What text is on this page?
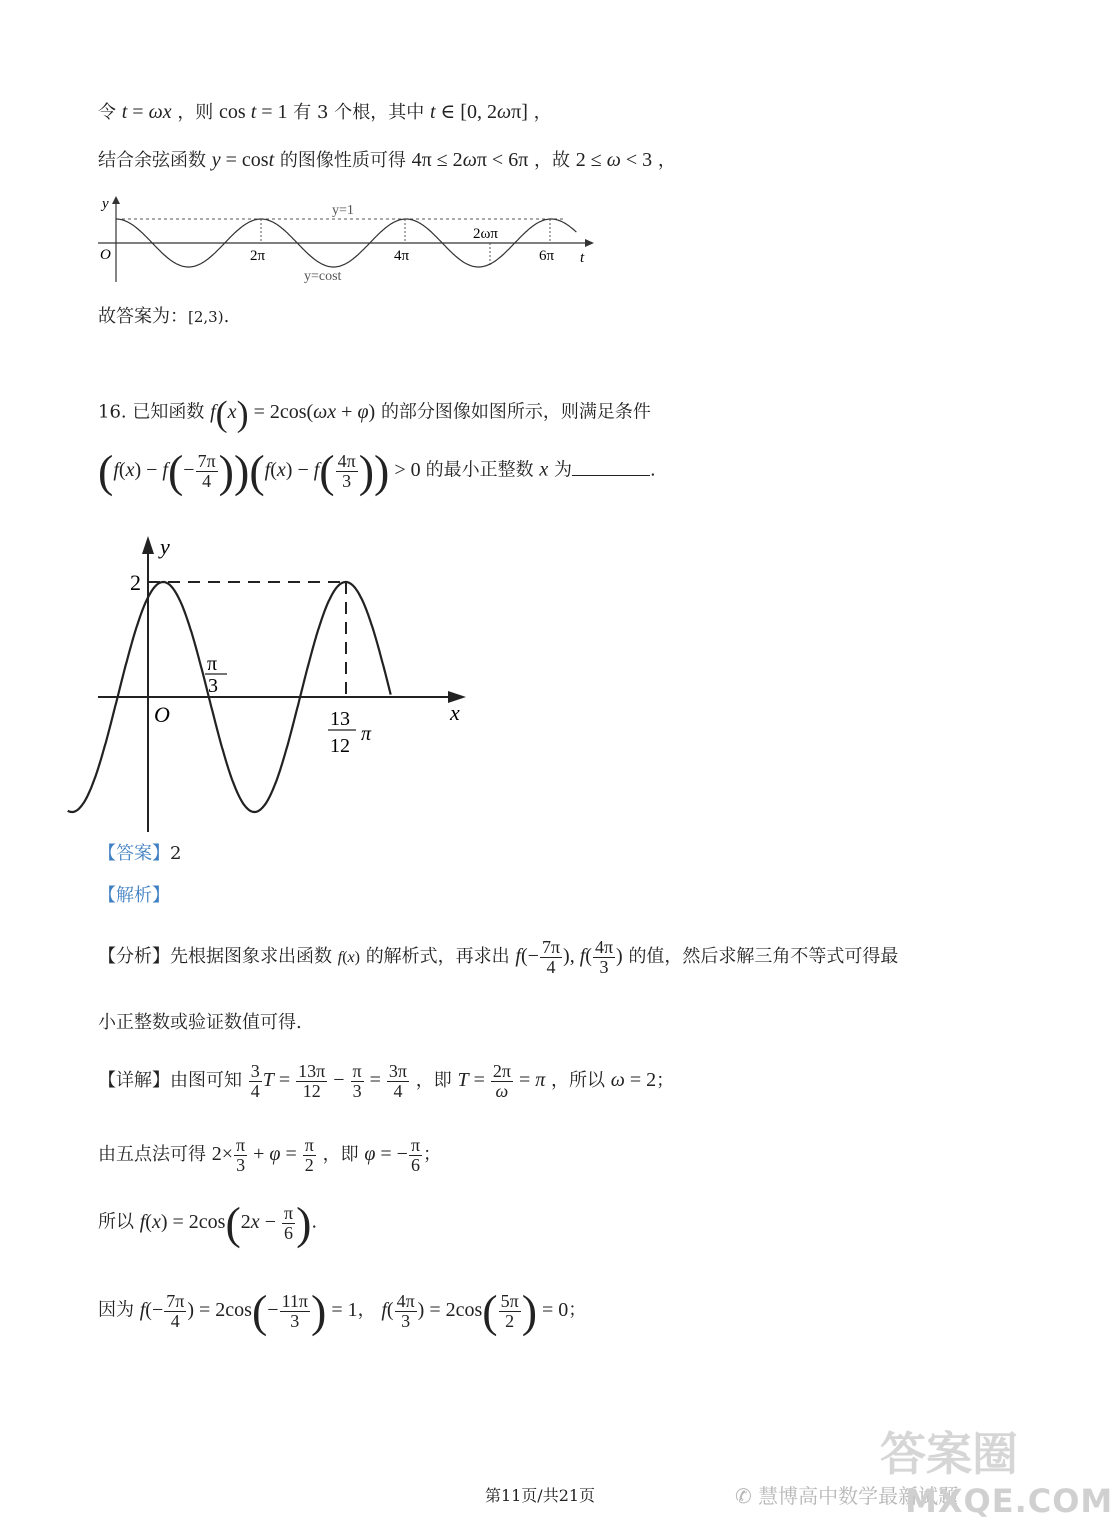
令 t = ωx ，则 cos t = 1 有 3 个根，其中 t ∈ [0, 2ωπ] ，
结合余弦函数 y = cost 的图像性质可得 4π ≤ 2ωπ < 6π ，故 2 ≤ ω < 3 ，
y
O	t
y=1
y=cost
2π	4π	6π
2ωπ
故答案为：[2,3).
16. 已知函数 f(x) = 2cos(ωx + φ) 的部分图像如图所示，则满足条件
$(f(x) - f(- \frac{7\pi}{4} ))(f(x) - f( \frac{4\pi}{3}$ )) > 0 的最小正整数 x 为	.
y
2
O	x
π
3
13
12
π
【答案】2
【解析】
【分析】先根据图象求出函数 f(x) 的解析式，再求出 $f(- \frac{7\pi}{4}$ ), $f( \frac{4\pi}{3}$ ) 的值，然后求解三角不等式可得最
小正整数或验证数值可得.
【详解】由图可知 $\frac{3}{4}$ $T = \frac{13\pi}{12} - \frac{\pi}{3} = \frac{3\pi}{4}$ ，即 $T = \frac{2\pi}{\omega} = \pi$ ，所以 ω = 2；
由五点法可得 $2\times \frac{\pi}{3} + \varphi = \frac{\pi}{2}$ ，即 φ = − $\frac{\pi}{6}$ ；
所以 $f(x) = 2\cos(2x - \frac{\pi}{6}$ ).
因为 $f(- \frac{7\pi}{4}$ ) = $2\cos(- \frac{11\pi}{3}$ ) = 1， $f( \frac{4\pi}{3}$ ) = $2\cos( \frac{5\pi}{2}$ ) = 0；
答案圈
✆ 慧博高中数学最新试题
MXQE.COM
第11页/共21页
